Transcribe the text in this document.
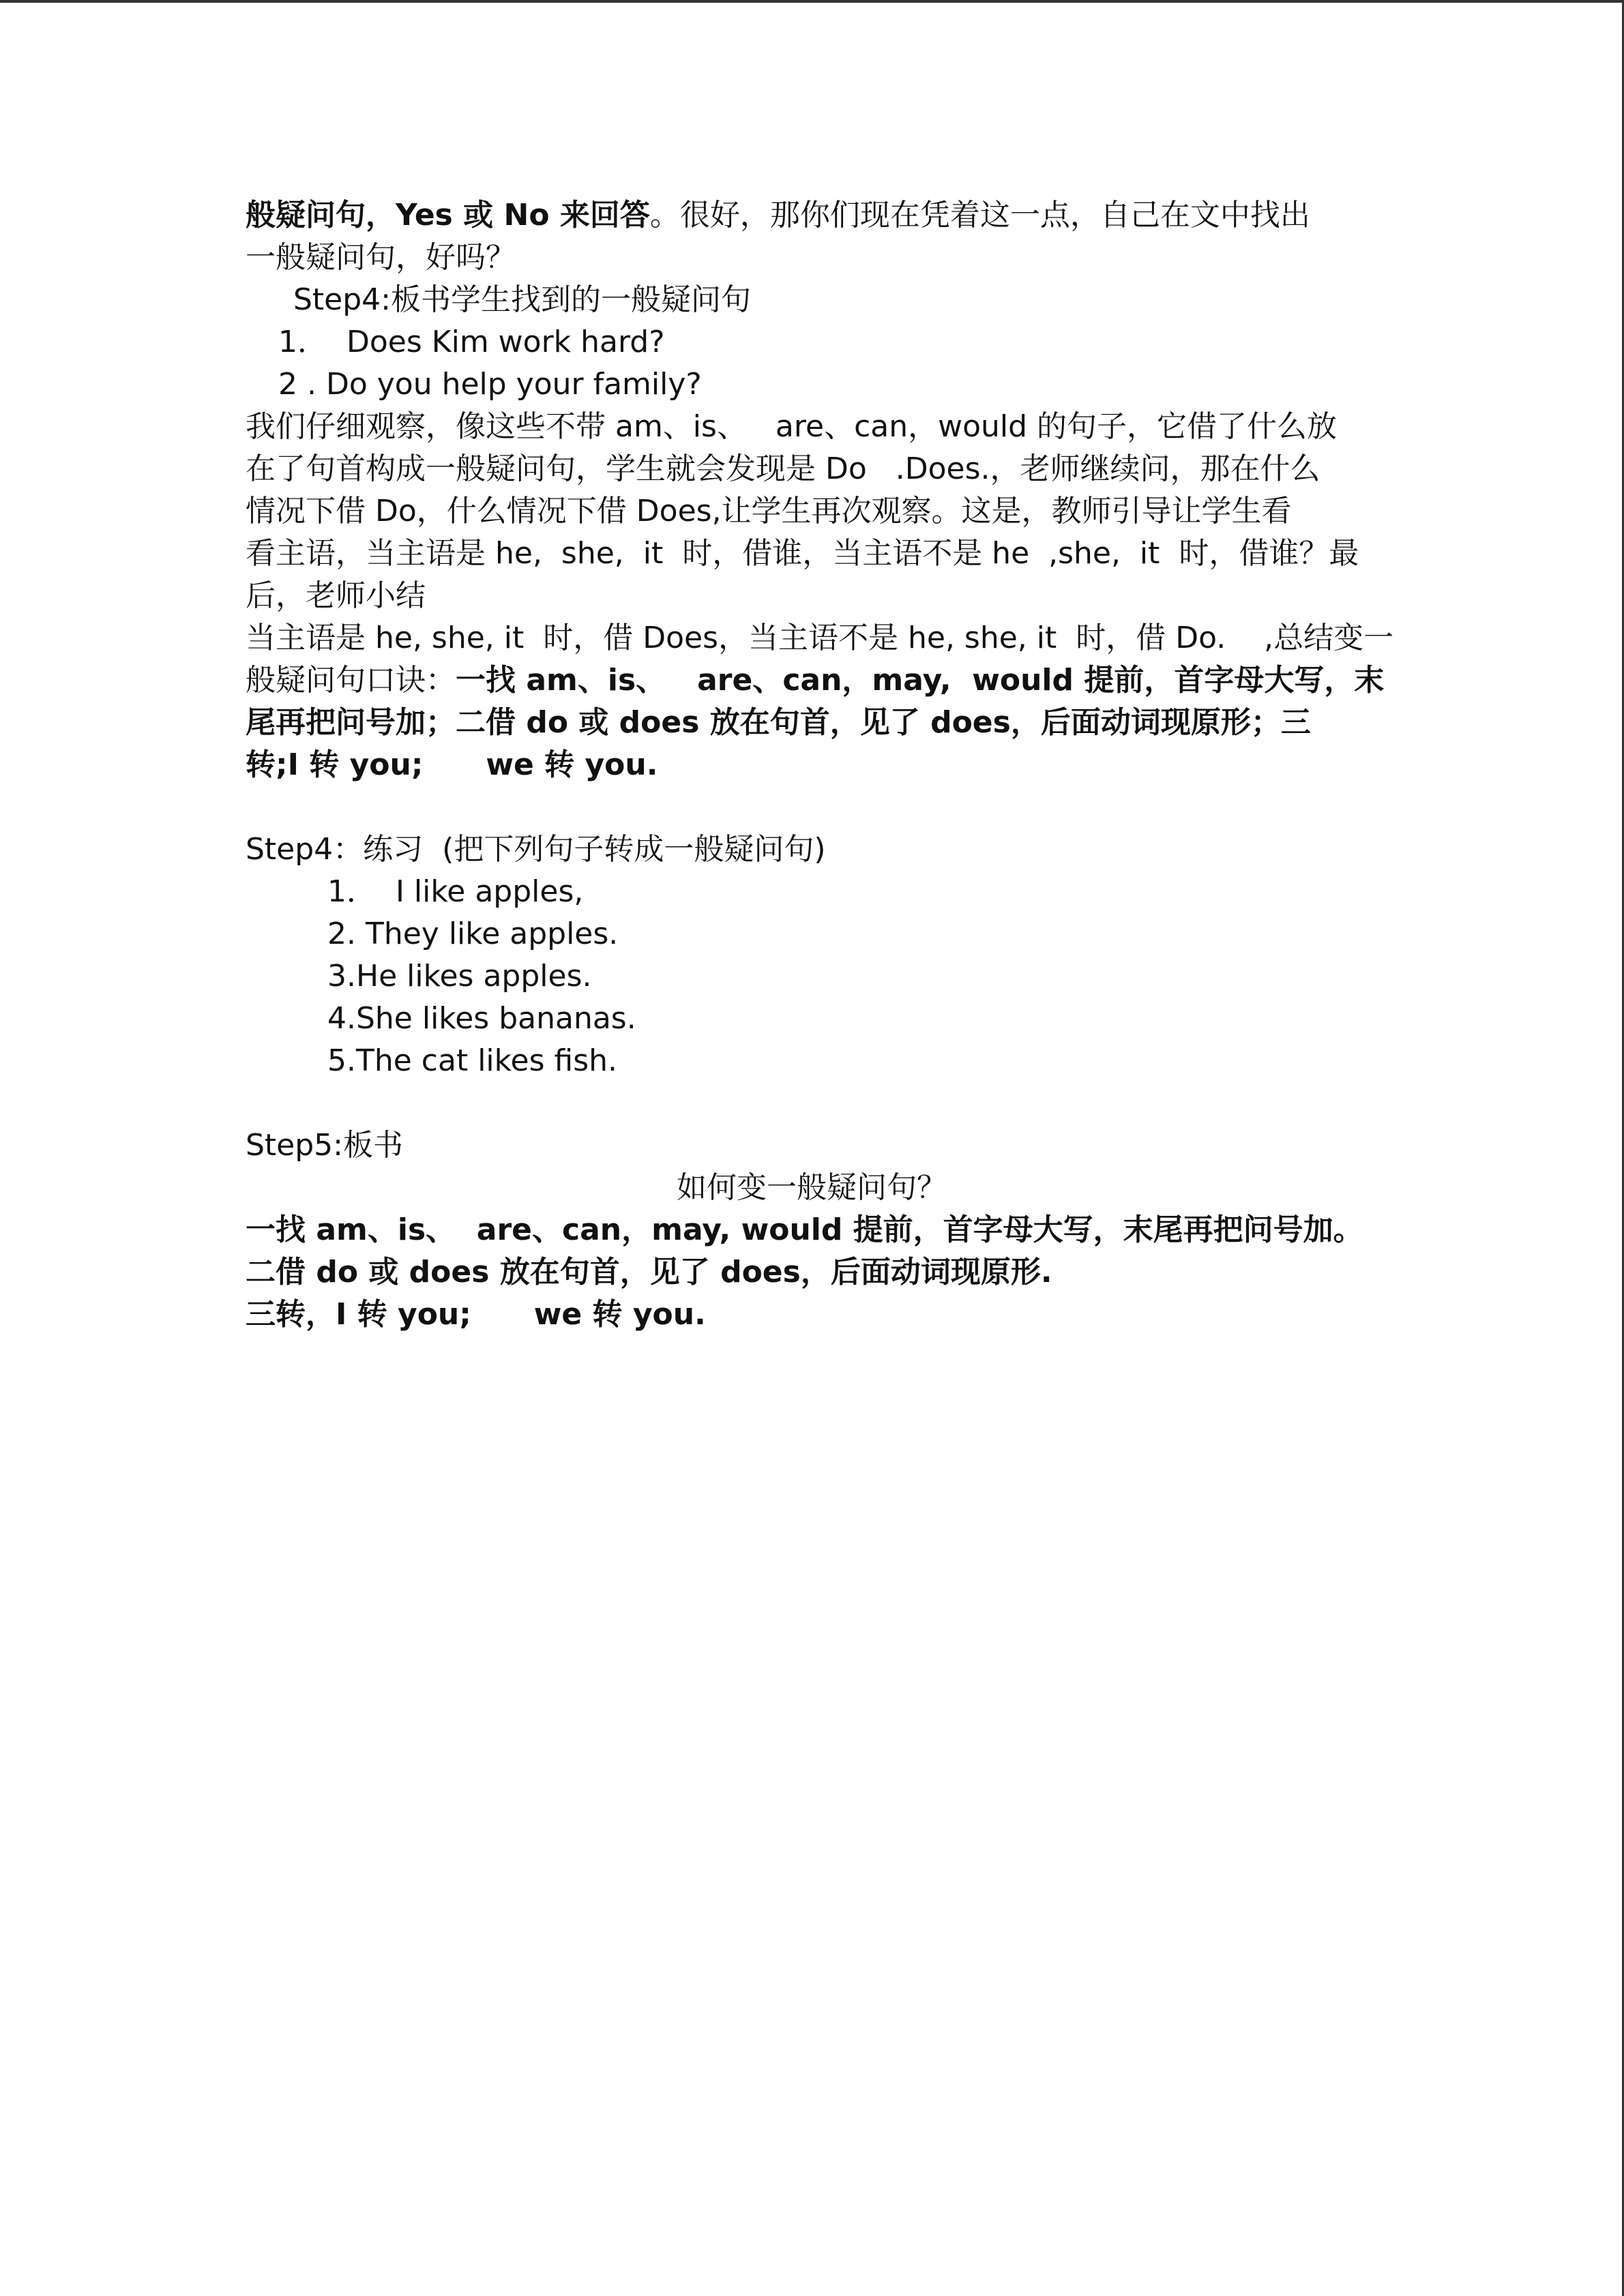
般疑问句，Yes 或 No 来回答。很好，那你们现在凭着这一点，自己在文中找出
一般疑问句，好吗？
Step4:板书学生找到的一般疑问句
1．  Does Kim work hard?
2 . Do you help your family?
我们仔细观察，像这些不带 am、is、   are、can，would 的句子，它借了什么放
在了句首构成一般疑问句，学生就会发现是 Do   .Does.，老师继续问，那在什么
情况下借 Do，什么情况下借 Does,让学生再次观察。这是，教师引导让学生看
看主语，当主语是 he,  she,  it  时，借谁，当主语不是 he  ,she,  it  时，借谁？最
后，老师小结
当主语是 he, she, it  时，借 Does，当主语不是 he, she, it  时，借 Do.    ,总结变一
般疑问句口诀：一找 am、is、   are、can，may,  would 提前，首字母大写，末
尾再把问号加；二借 do 或 does 放在句首，见了 does，后面动词现原形；三
转;I 转 you;      we 转 you.
Step4：练习  (把下列句子转成一般疑问句)
1．  I like apples,
2. They like apples.
3.He likes apples.
4.She likes bananas.
5.The cat likes fish.
Step5:板书
如何变一般疑问句？
一找 am、is、  are、can，may, would 提前，首字母大写，末尾再把问号加。
二借 do 或 does 放在句首，见了 does，后面动词现原形.
三转，I 转 you;      we 转 you.
